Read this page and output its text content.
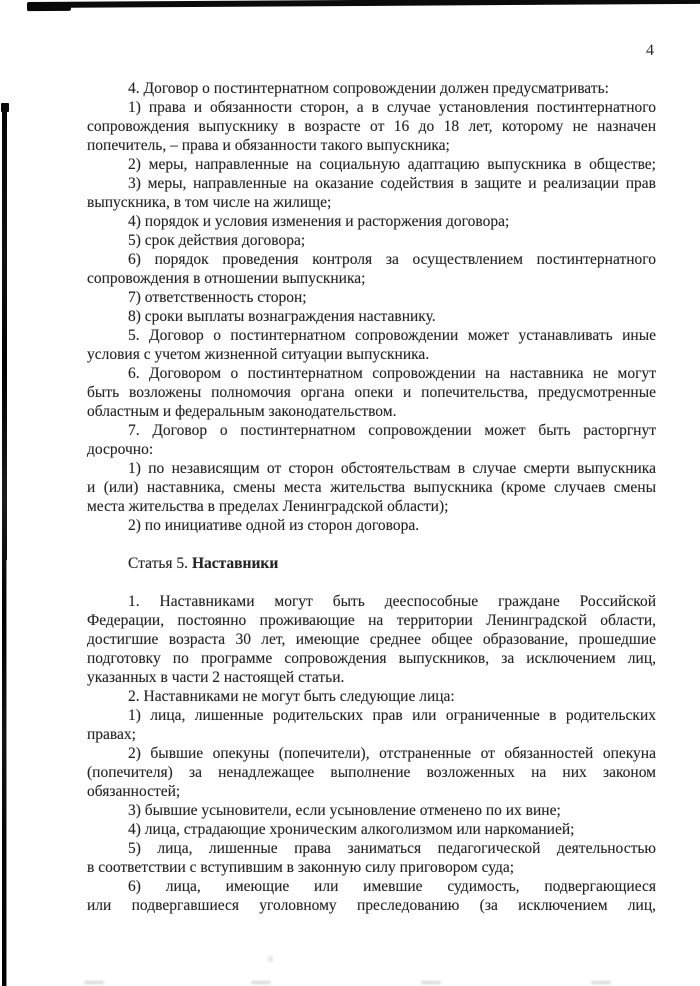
4
4. Договор о постинтернатном сопровождении должен предусматривать:
1) права и обязанности сторон, а в случае установления постинтернатного
сопровождения выпускнику в возрасте от 16 до 18 лет, которому не назначен
попечитель, – права и обязанности такого выпускника;
2) меры, направленные на социальную адаптацию выпускника в обществе;
3) меры, направленные на оказание содействия в защите и реализации прав
выпускника, в том числе на жилище;
4) порядок и условия изменения и расторжения договора;
5) срок действия договора;
6) порядок проведения контроля за осуществлением постинтернатного
сопровождения в отношении выпускника;
7) ответственность сторон;
8) сроки выплаты вознаграждения наставнику.
5. Договор о постинтернатном сопровождении может устанавливать иные
условия с учетом жизненной ситуации выпускника.
6. Договором о постинтернатном сопровождении на наставника не могут
быть возложены полномочия органа опеки и попечительства, предусмотренные
областным и федеральным законодательством.
7. Договор о постинтернатном сопровождении может быть расторгнут
досрочно:
1) по независящим от сторон обстоятельствам в случае смерти выпускника
и (или) наставника, смены места жительства выпускника (кроме случаев смены
места жительства в пределах Ленинградской области);
2) по инициативе одной из сторон договора.
Статья 5. Наставники
1. Наставниками могут быть дееспособные граждане Российской
Федерации, постоянно проживающие на территории Ленинградской области,
достигшие возраста 30 лет, имеющие среднее общее образование, прошедшие
подготовку по программе сопровождения выпускников, за исключением лиц,
указанных в части 2 настоящей статьи.
2. Наставниками не могут быть следующие лица:
1) лица, лишенные родительских прав или ограниченные в родительских
правах;
2) бывшие опекуны (попечители), отстраненные от обязанностей опекуна
(попечителя) за ненадлежащее выполнение возложенных на них законом
обязанностей;
3) бывшие усыновители, если усыновление отменено по их вине;
4) лица, страдающие хроническим алкоголизмом или наркоманией;
5) лица, лишенные права заниматься педагогической деятельностью
в соответствии с вступившим в законную силу приговором суда;
6) лица, имеющие или имевшие судимость, подвергающиеся
или подвергавшиеся уголовному преследованию (за исключением лиц,
